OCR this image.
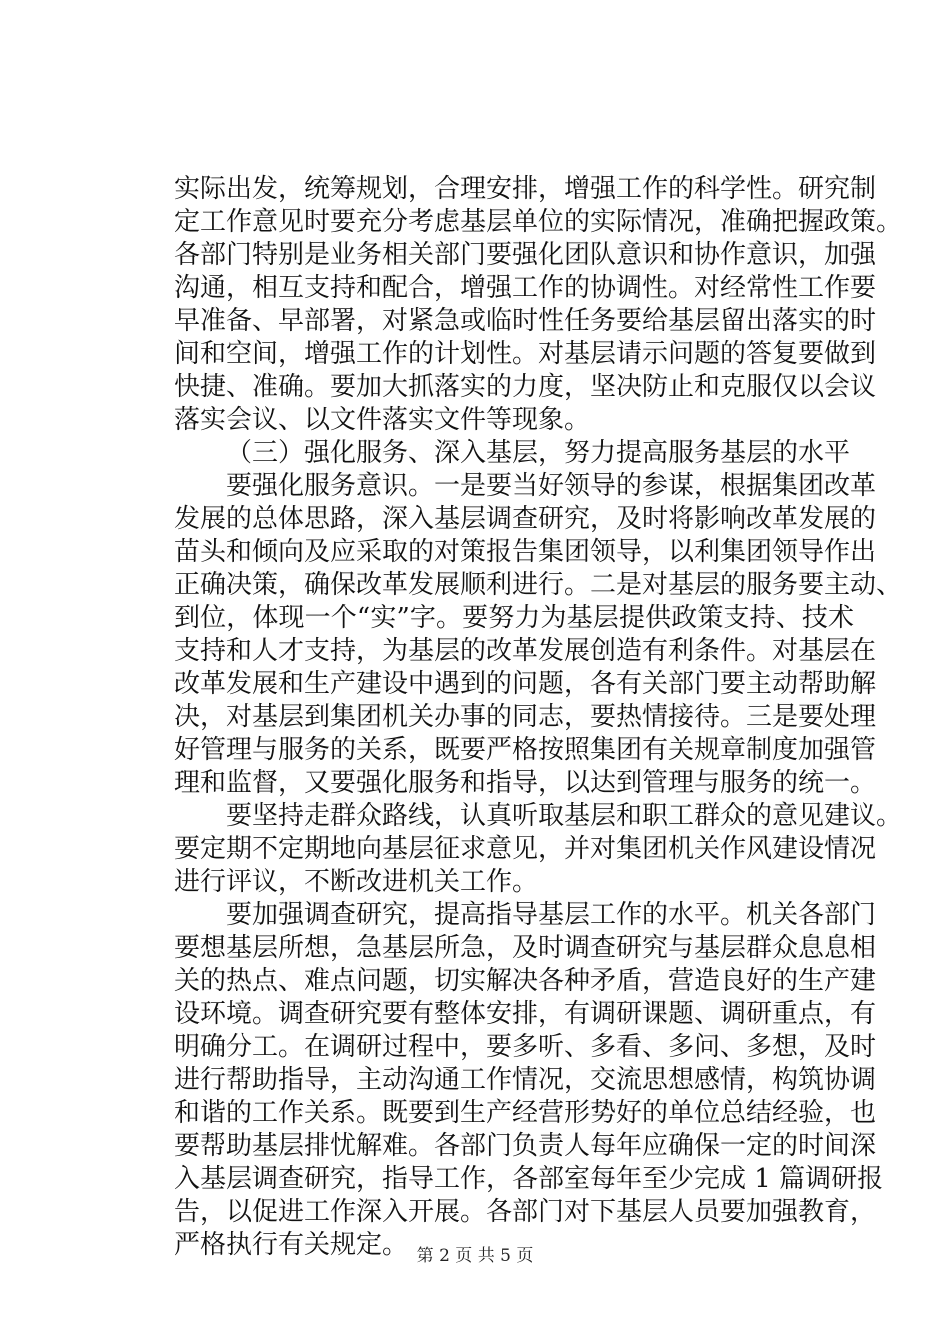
实际出发，统筹规划，合理安排，增强工作的科学性。研究制
定工作意见时要充分考虑基层单位的实际情况，准确把握政策。
各部门特别是业务相关部门要强化团队意识和协作意识，加强
沟通，相互支持和配合，增强工作的协调性。对经常性工作要
早准备、早部署，对紧急或临时性任务要给基层留出落实的时
间和空间，增强工作的计划性。对基层请示问题的答复要做到
快捷、准确。要加大抓落实的力度，坚决防止和克服仅以会议
落实会议、以文件落实文件等现象。
（三）强化服务、深入基层，努力提高服务基层的水平
要强化服务意识。一是要当好领导的参谋，根据集团改革
发展的总体思路，深入基层调查研究，及时将影响改革发展的
苗头和倾向及应采取的对策报告集团领导，以利集团领导作出
正确决策，确保改革发展顺利进行。二是对基层的服务要主动、
到位，体现一个“实”字。要努力为基层提供政策支持、技术
支持和人才支持，为基层的改革发展创造有利条件。对基层在
改革发展和生产建设中遇到的问题，各有关部门要主动帮助解
决，对基层到集团机关办事的同志，要热情接待。三是要处理
好管理与服务的关系，既要严格按照集团有关规章制度加强管
理和监督，又要强化服务和指导，以达到管理与服务的统一。
要坚持走群众路线，认真听取基层和职工群众的意见建议。
要定期不定期地向基层征求意见，并对集团机关作风建设情况
进行评议，不断改进机关工作。
要加强调查研究，提高指导基层工作的水平。机关各部门
要想基层所想，急基层所急，及时调查研究与基层群众息息相
关的热点、难点问题，切实解决各种矛盾，营造良好的生产建
设环境。调查研究要有整体安排，有调研课题、调研重点，有
明确分工。在调研过程中，要多听、多看、多问、多想，及时
进行帮助指导，主动沟通工作情况，交流思想感情，构筑协调
和谐的工作关系。既要到生产经营形势好的单位总结经验，也
要帮助基层排忧解难。各部门负责人每年应确保一定的时间深
入基层调查研究，指导工作，各部室每年至少完成 1 篇调研报
告，以促进工作深入开展。各部门对下基层人员要加强教育，
严格执行有关规定。 第 2 页 共 5 页
